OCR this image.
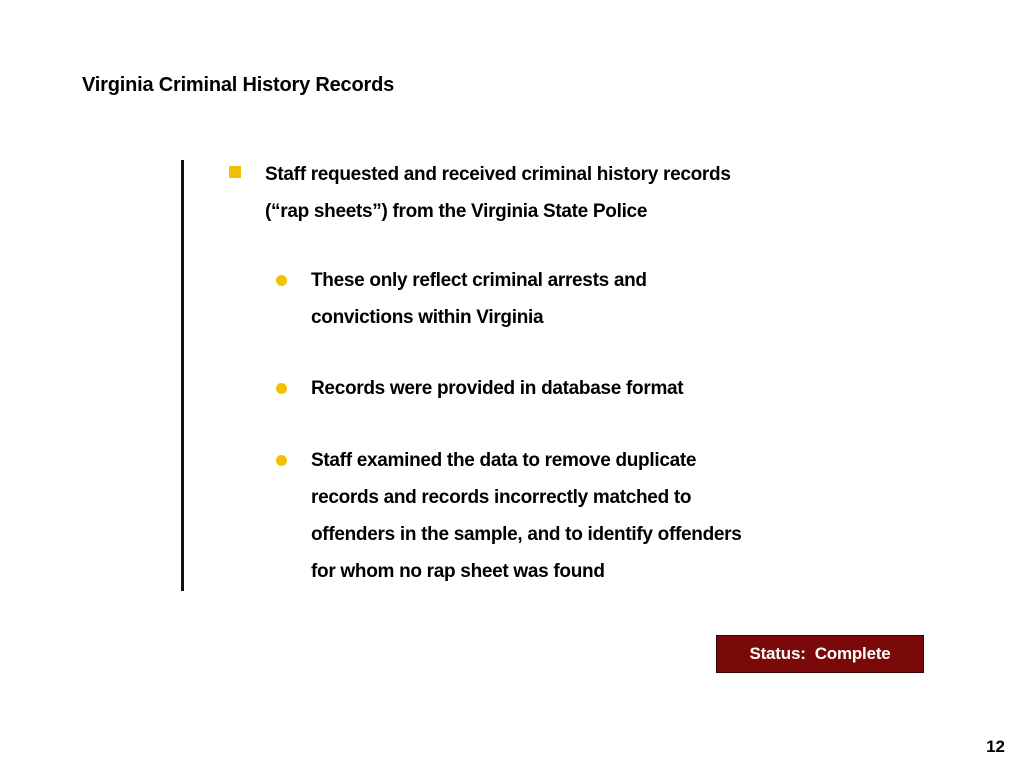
Virginia Criminal History Records
Staff requested and received criminal history records
(“rap sheets”) from the Virginia State Police
These only reflect criminal arrests and
convictions within Virginia
Records were provided in database format
Staff examined the data to remove duplicate
records and records incorrectly matched to
offenders in the sample, and to identify offenders
for whom no rap sheet was found
Status:  Complete
12
